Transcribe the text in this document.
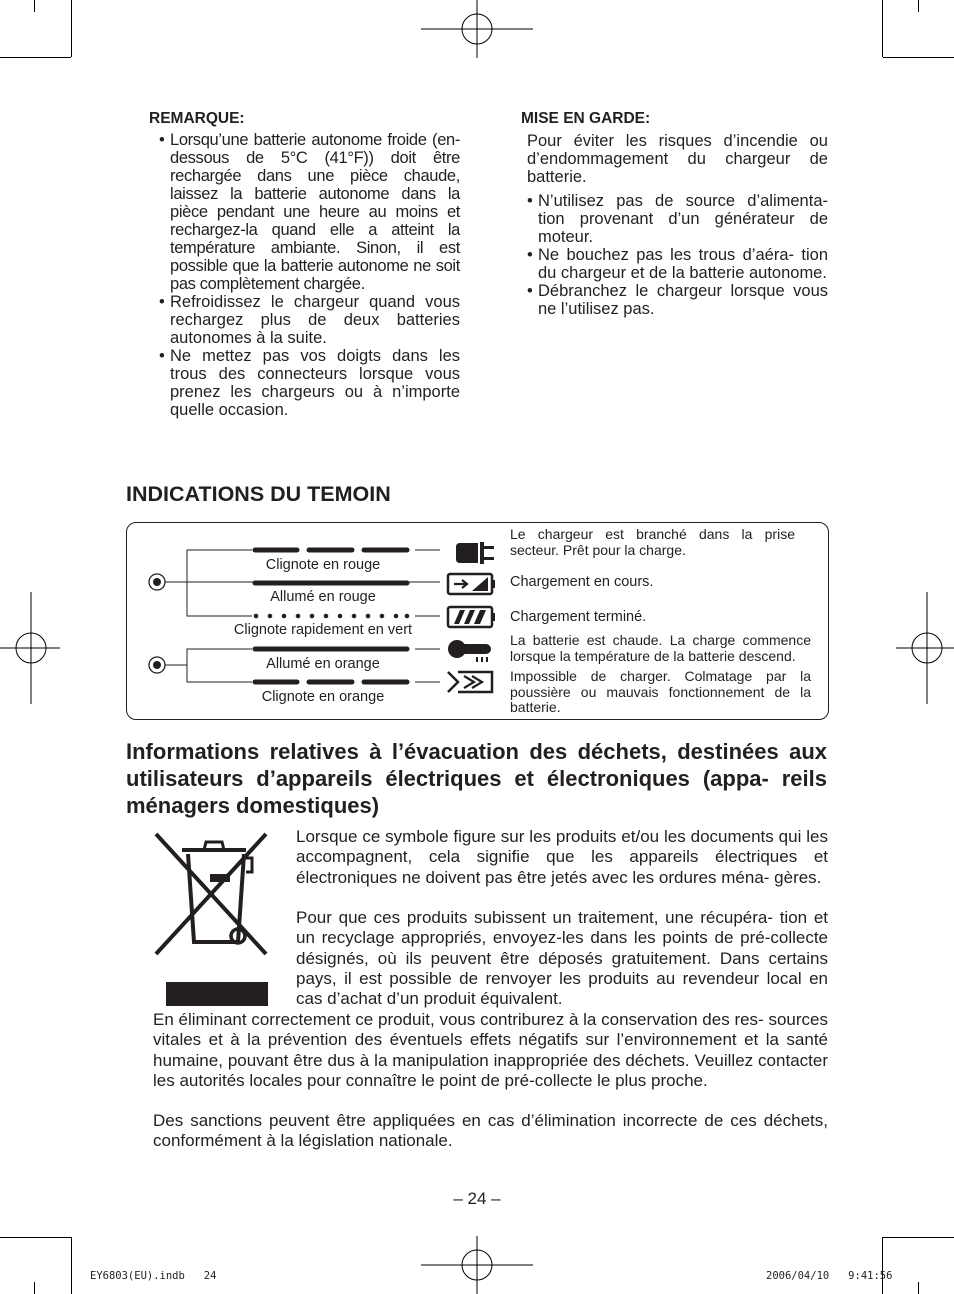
REMARQUE:
• Lorsqu’une batterie autonome froide (en-dessous de 5°C (41°F)) doit être rechargée dans une pièce chaude, laissez la batterie autonome dans la pièce pendant une heure au moins et rechargez-la quand elle a atteint la température ambiante. Sinon, il est possible que la batterie autonome ne soit pas complètement chargée.
• Refroidissez le chargeur quand vous rechargez plus de deux batteries autonomes à la suite.
• Ne mettez pas vos doigts dans les trous des connecteurs lorsque vous prenez les chargeurs ou à n’importe quelle occasion.
MISE EN GARDE:
Pour éviter les risques d’incendie ou d’endommagement du chargeur de batterie.
• N’utilisez pas de source d’alimenta- tion provenant d’un générateur de moteur.
• Ne bouchez pas les trous d’aéra- tion du chargeur et de la batterie autonome.
• Débranchez le chargeur lorsque vous ne l’utilisez pas.
INDICATIONS DU TEMOIN
Clignote en rouge
Allumé en rouge
Clignote rapidement en vert
Allumé en orange
Clignote en orange
Le chargeur est branché dans la prise secteur. Prêt pour la charge.
Chargement en cours.
Chargement terminé.
La batterie est chaude. La charge commence lorsque la température de la batterie descend.
Impossible de charger. Colmatage par la poussière ou mauvais fonctionnement de la batterie.
Informations relatives à l’évacuation des déchets, destinées aux utilisateurs d’appareils électriques et électroniques (appa- reils ménagers domestiques)
Lorsque ce symbole figure sur les produits et/ou les documents qui les accompagnent, cela signifie que les appareils électriques et électroniques ne doivent pas être jetés avec les ordures ména- gères.
Pour que ces produits subissent un traitement, une récupéra- tion et un recyclage appropriés, envoyez-les dans les points de pré-collecte désignés, où ils peuvent être déposés gratuitement. Dans certains pays, il est possible de renvoyer les produits au revendeur local en cas d’achat d’un produit équivalent.
En éliminant correctement ce produit, vous contriburez à la conservation des res- sources vitales et à la prévention des éventuels effets négatifs sur l’environnement et la santé humaine, pouvant être dus à la manipulation inappropriée des déchets. Veuillez contacter les autorités locales pour connaître le point de pré-collecte le plus proche.
Des sanctions peuvent être appliquées en cas d’élimination incorrecte de ces déchets, conformément à la législation nationale.
– 24 –
EY6803(EU).indb   24	2006/04/10   9:41:56
